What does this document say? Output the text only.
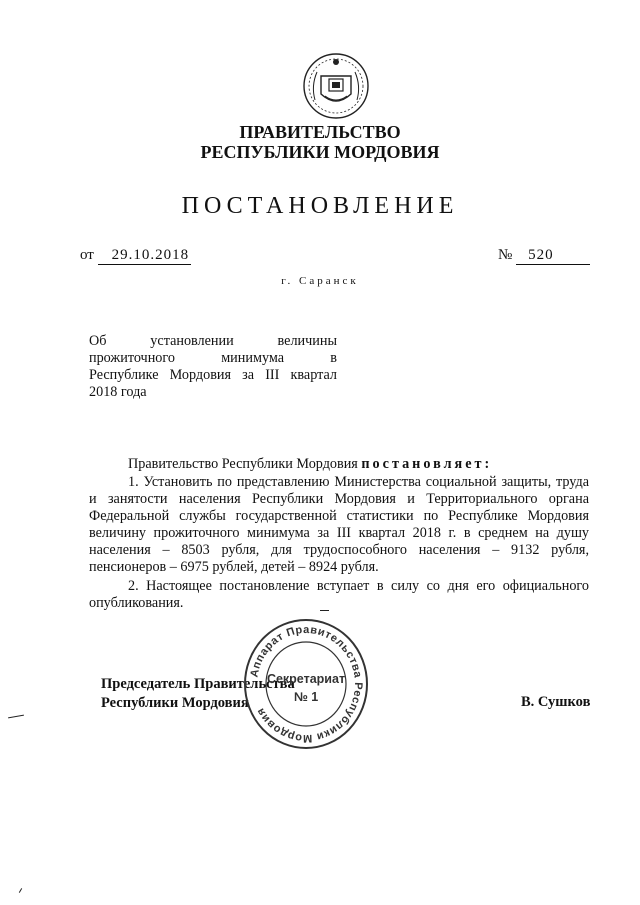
ПРАВИТЕЛЬСТВО
РЕСПУБЛИКИ МОРДОВИЯ
ПОСТАНОВЛЕНИЕ
от 29.10.2018	№ 520
г. Саранск
Об установлении величины
прожиточного минимума в
Республике Мордовия за III квартал
2018 года
Правительство Республики Мордовия постановляет:
1. Установить по представлению Министерства социальной защиты, труда и занятости населения Республики Мордовия и Территориального органа Федеральной службы государственной статистики по Республике Мордовия величину прожиточного минимума за III квартал 2018 г. в среднем на душу населения – 8503 рубля, для трудоспособного населения – 9132 рубля, пенсионеров – 6975 рублей, детей – 8924 рубля.
2. Настоящее постановление вступает в силу со дня его официального опубликования.
Председатель Правительства
Республики Мордовия	В. Сушков
Аппарат Правительства Республики Мордовия
Секретариат
№ 1
